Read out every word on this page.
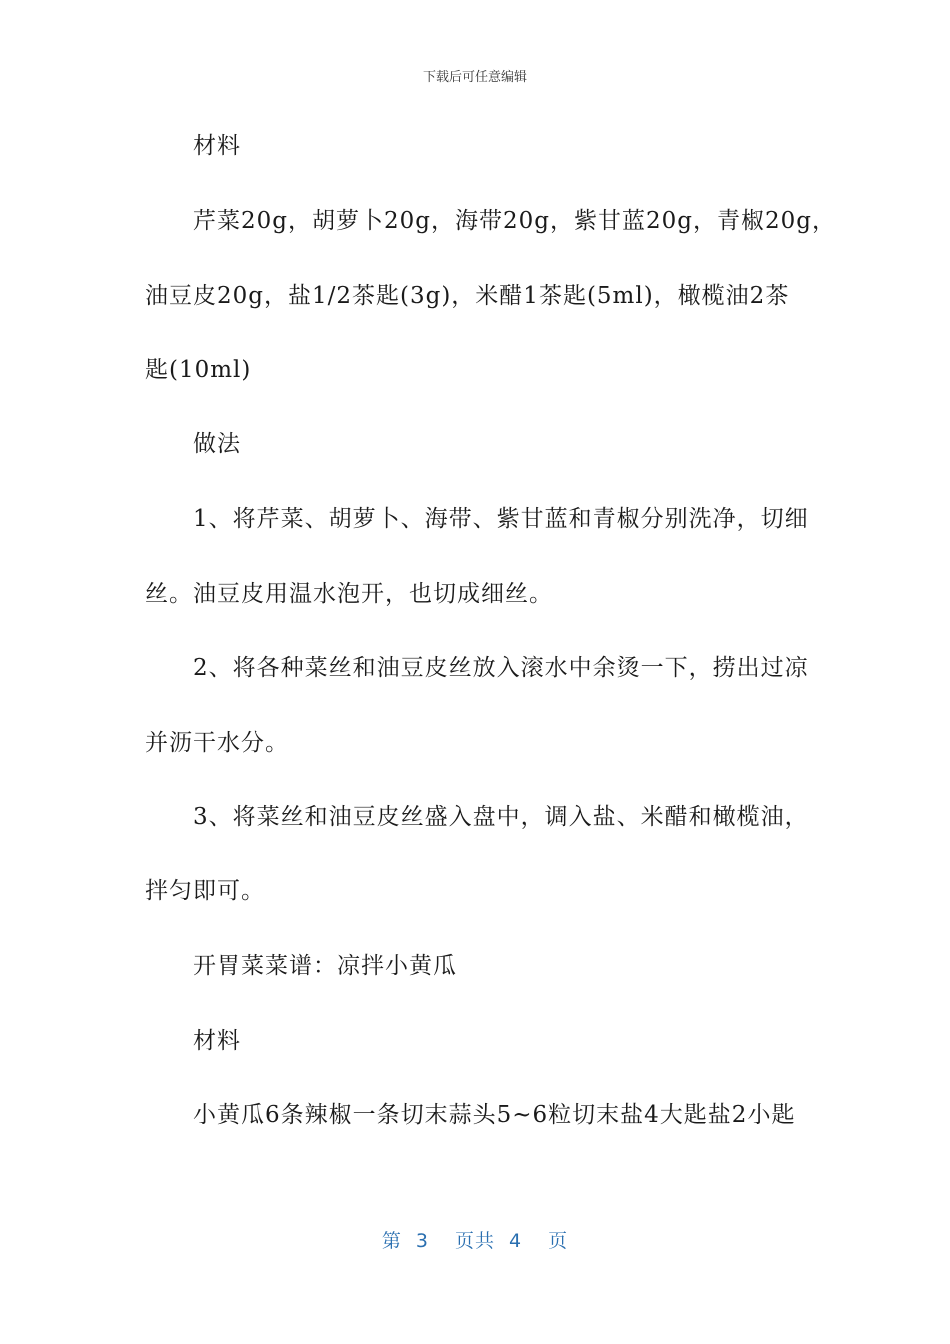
下载后可任意编辑
材料
芹菜20g，胡萝卜20g，海带20g，紫甘蓝20g，青椒20g，
油豆皮20g，盐1/2茶匙(3g)，米醋1茶匙(5ml)，橄榄油2茶
匙(10ml)
做法
1、将芹菜、胡萝卜、海带、紫甘蓝和青椒分别洗净，切细
丝。油豆皮用温水泡开，也切成细丝。
2、将各种菜丝和油豆皮丝放入滚水中余烫一下，捞出过凉
并沥干水分。
3、将菜丝和油豆皮丝盛入盘中，调入盐、米醋和橄榄油，
拌匀即可。
开胃菜菜谱：凉拌小黄瓜
材料
小黄瓜6条辣椒一条切末蒜头5~6粒切末盐4大匙盐2小匙
第 3 页共 4 页
